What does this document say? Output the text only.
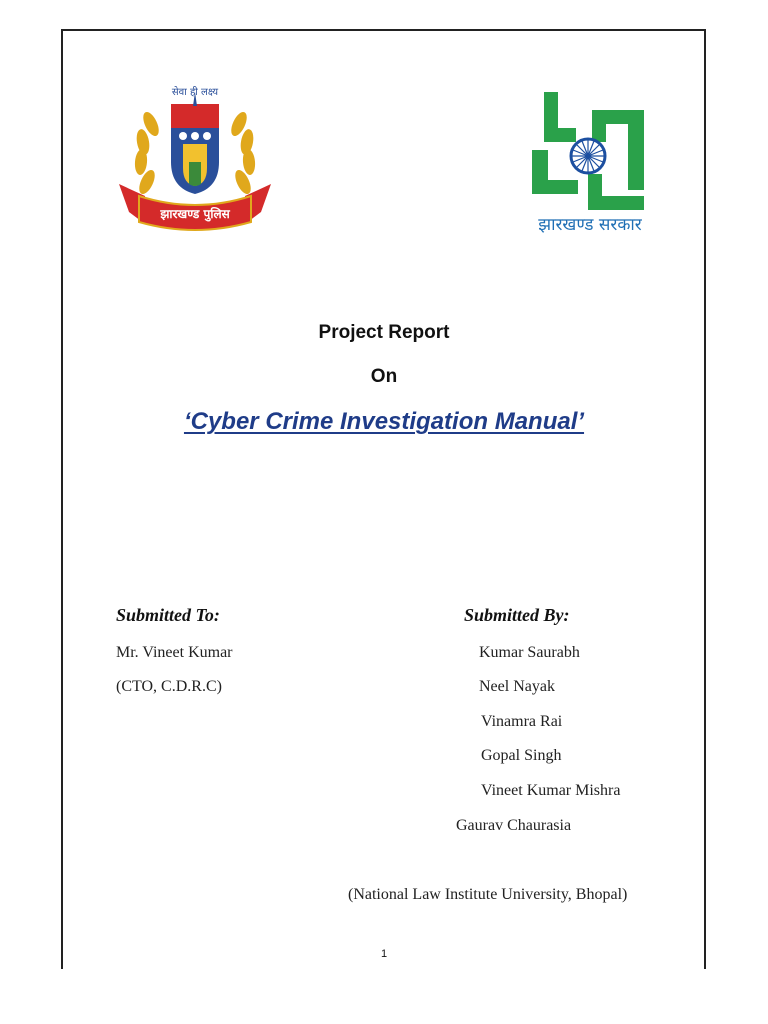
सेवा ही लक्ष्य
झारखण्ड पुलिस
झारखण्ड सरकार
Project Report
On
‘Cyber Crime Investigation Manual’
Submitted To:
Mr. Vineet Kumar
(CTO, C.D.R.C)
Submitted By:
Kumar Saurabh
Neel Nayak
Vinamra Rai
Gopal Singh
Vineet Kumar Mishra
Gaurav Chaurasia
(National Law Institute University, Bhopal)
1
